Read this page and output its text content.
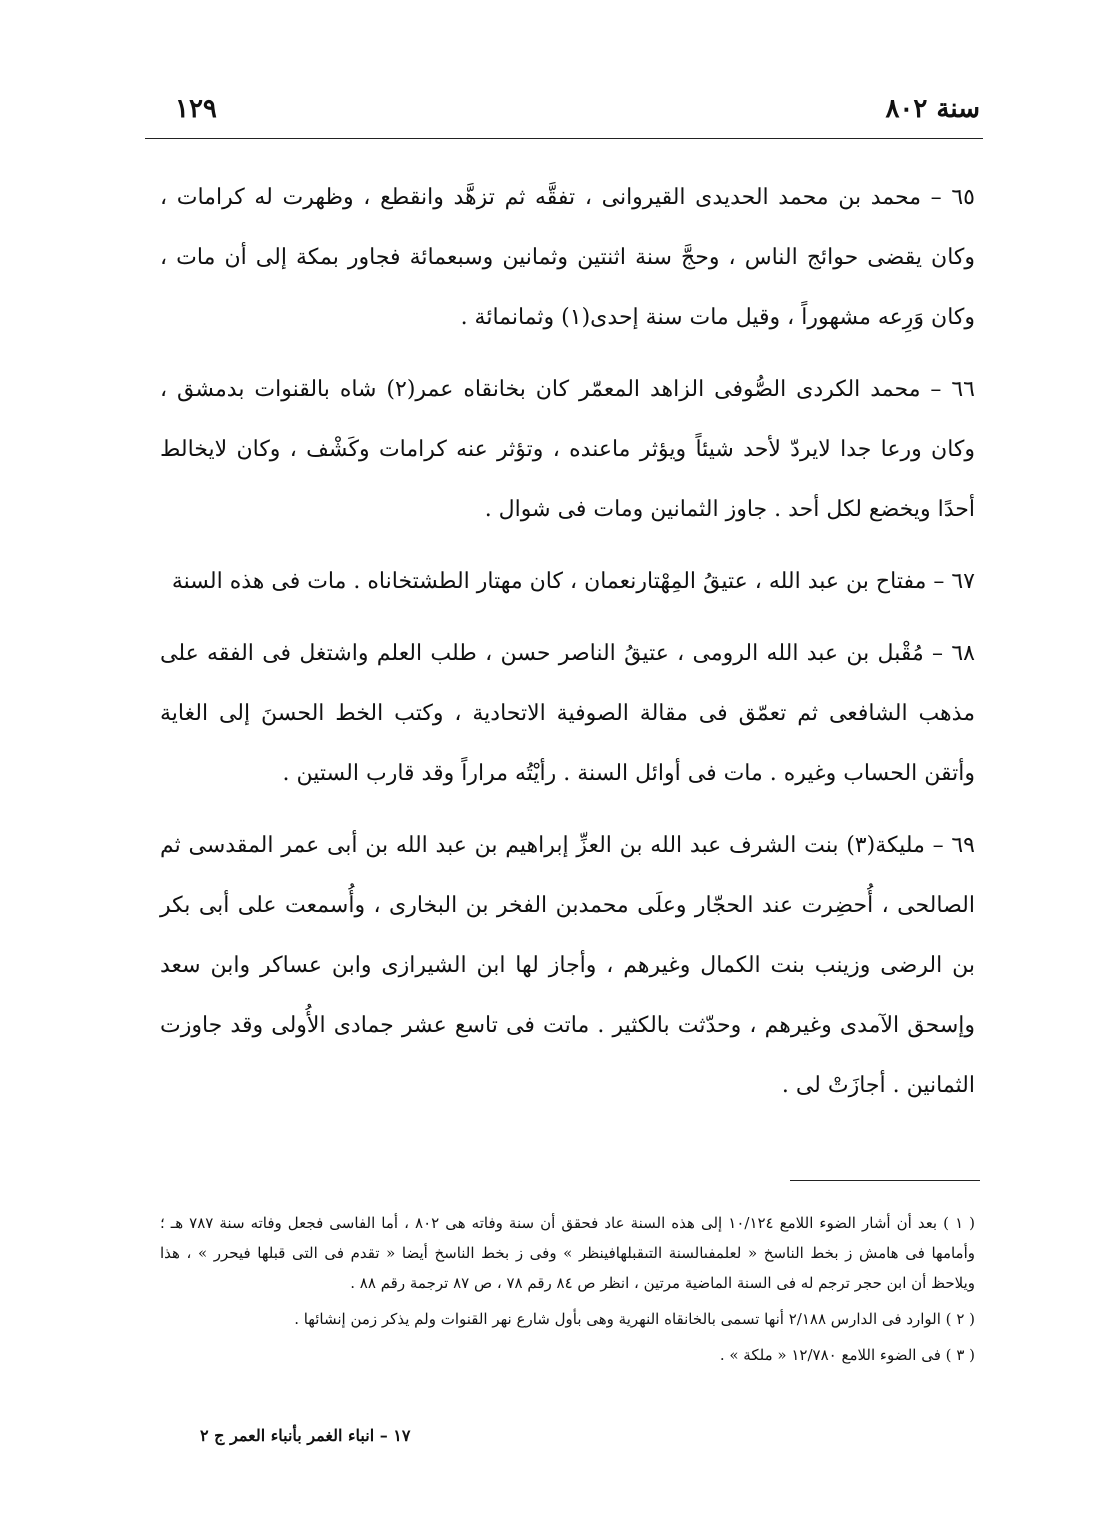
سنة ٨٠٢
١٢٩

٦٥ – محمد بن محمد الحديدى القيروانى ، تفقَّه ثم تزهَّد وانقطع ، وظهرت له كرامات ، وكان يقضى حوائج الناس ، وحجَّ سنة اثنتين وثمانين وسبعمائة فجاور بمكة إلى أن مات ، وكان وَرِعه مشهوراً ، وقيل مات سنة إحدى(١) وثمانمائة .

٦٦ – محمد الكردى الصُّوفى الزاهد المعمّر كان بخانقاه عمر(٢) شاه بالقنوات بدمشق ، وكان ورعا جدا لايردّ لأحد شيئاً ويؤثر ماعنده ، وتؤثر عنه كرامات وكَشْف ، وكان لايخالط أحدًا ويخضع لكل أحد . جاوز الثمانين ومات فى شوال .

٦٧ – مفتاح بن عبد الله ، عتيقُ المِهْتارنعمان ، كان مهتار الطشتخاناه . مات فى هذه السنة

٦٨ – مُقْبل بن عبد الله الرومى ، عتيقُ الناصر حسن ، طلب العلم واشتغل فى الفقه على مذهب الشافعى ثم تعمّق فى مقالة الصوفية الاتحادية ، وكتب الخط الحسنَ إلى الغاية وأتقن الحساب وغيره . مات فى أوائل السنة . رأيْتُه مراراً وقد قارب الستين .

٦٩ – مليكة(٣) بنت الشرف عبد الله بن العزِّ إبراهيم بن عبد الله بن أبى عمر المقدسى ثم الصالحى ، أُحضِرت عند الحجّار وعلَى محمدبن الفخر بن البخارى ، وأُسمعت على أبى بكر بن الرضى وزينب بنت الكمال وغيرهم ، وأجاز لها ابن الشيرازى وابن عساكر وابن سعد وإسحق الآمدى وغيرهم ، وحدّثت بالكثير . ماتت فى تاسع عشر جمادى الأُولى وقد جاوزت الثمانين . أجازَتْ لى .

( ١ ) بعد أن أشار الضوء اللامع ١٠/١٢٤ إلى هذه السنة عاد فحقق أن سنة وفاته هى ٨٠٢ ، أما الفاسى فجعل وفاته سنة ٧٨٧ هـ ؛ وأمامها فى هامش ز بخط الناسخ « لعلمفىالسنة التىقبلهافينظر » وفى ز بخط الناسخ أيضا « تقدم فى التى قبلها فيحرر » ، هذا ويلاحظ أن ابن حجر ترجم له فى السنة الماضية مرتين ، انظر ص ٨٤ رقم ٧٨ ، ص ٨٧ ترجمة رقم ٨٨ .

( ٢ ) الوارد فى الدارس ٢/١٨٨ أنها تسمى بالخانقاه النهرية وهى بأول شارع نهر القنوات ولم يذكر زمن إنشائها .

( ٣ ) فى الضوء اللامع ١٢/٧٨٠ « ملكة » .

١٧ – انباء الغمر بأنباء العمر ج ٢
